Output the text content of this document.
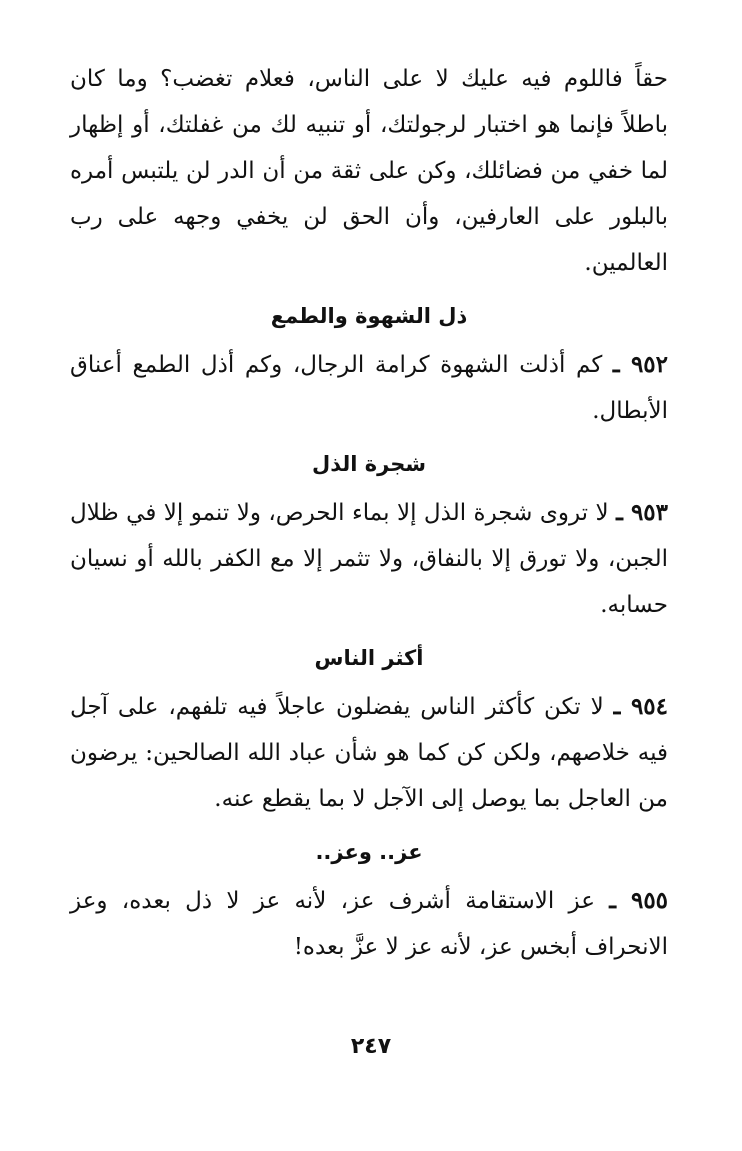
حقاً فاللوم فيه عليك لا على الناس، فعلام تغضب؟ وما كان باطلاً فإنما هو اختبار لرجولتك، أو تنبيه لك من غفلتك، أو إظهار لما خفي من فضائلك، وكن على ثقة من أن الدر لن يلتبس أمره بالبلور على العارفين، وأن الحق لن يخفي وجهه على رب العالمين.

ذل الشهوة والطمع

٩٥٢ ـ كم أذلت الشهوة كرامة الرجال، وكم أذل الطمع أعناق الأبطال.

شجرة الذل

٩٥٣ ـ لا تروى شجرة الذل إلا بماء الحرص، ولا تنمو إلا في ظلال الجبن، ولا تورق إلا بالنفاق، ولا تثمر إلا مع الكفر بالله أو نسيان حسابه.

أكثر الناس

٩٥٤ ـ لا تكن كأكثر الناس يفضلون عاجلاً فيه تلفهم، على آجل فيه خلاصهم، ولكن كن كما هو شأن عباد الله الصالحين: يرضون من العاجل بما يوصل إلى الآجل لا بما يقطع عنه.

عز.. وعز..

٩٥٥ ـ عز الاستقامة أشرف عز، لأنه عز لا ذل بعده، وعز الانحراف أبخس عز، لأنه عز لا عزَّ بعده!

٢٤٧
